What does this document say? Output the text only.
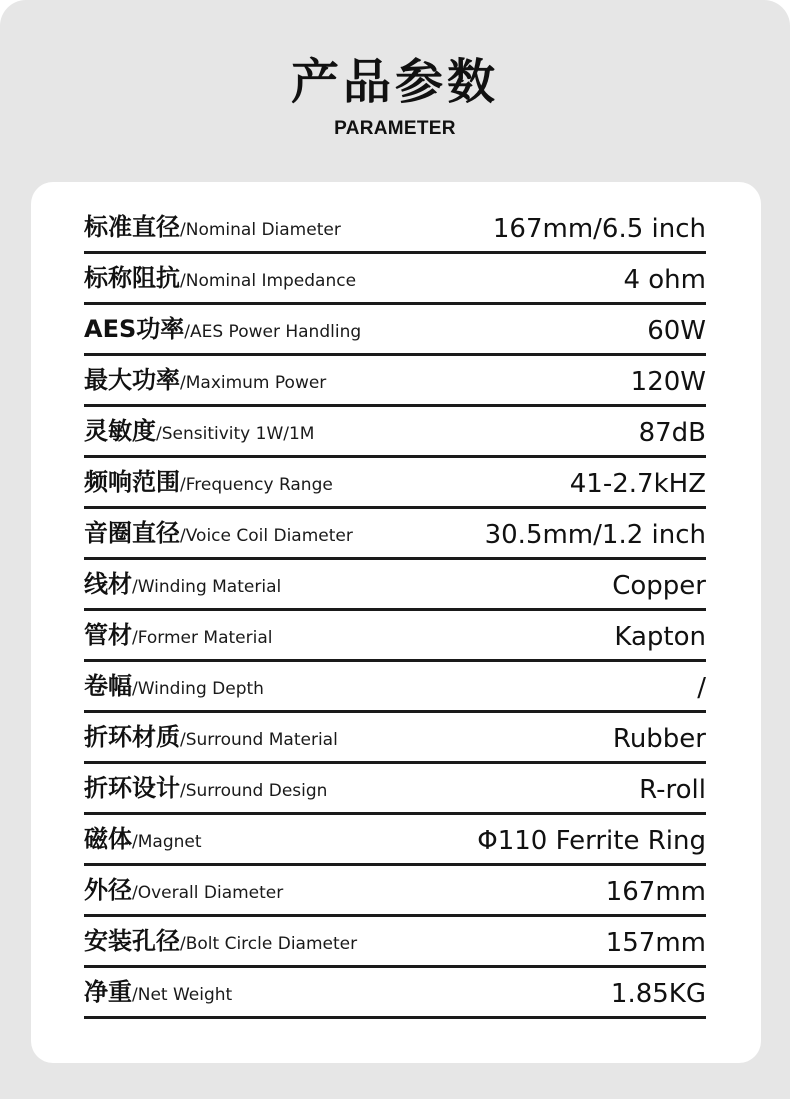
产品参数
PARAMETER
标准直径/Nominal Diameter	167mm/6.5 inch
标称阻抗/Nominal Impedance	4 ohm
AES功率/AES Power Handling	60W
最大功率/Maximum Power	120W
灵敏度/Sensitivity 1W/1M	87dB
频响范围/Frequency Range	41-2.7kHZ
音圈直径/Voice Coil Diameter	30.5mm/1.2 inch
线材/Winding Material	Copper
管材/Former Material	Kapton
卷幅/Winding Depth	/
折环材质/Surround Material	Rubber
折环设计/Surround Design	R-roll
磁体/Magnet	Φ110 Ferrite Ring
外径/Overall Diameter	167mm
安装孔径/Bolt Circle Diameter	157mm
净重/Net Weight	1.85KG
